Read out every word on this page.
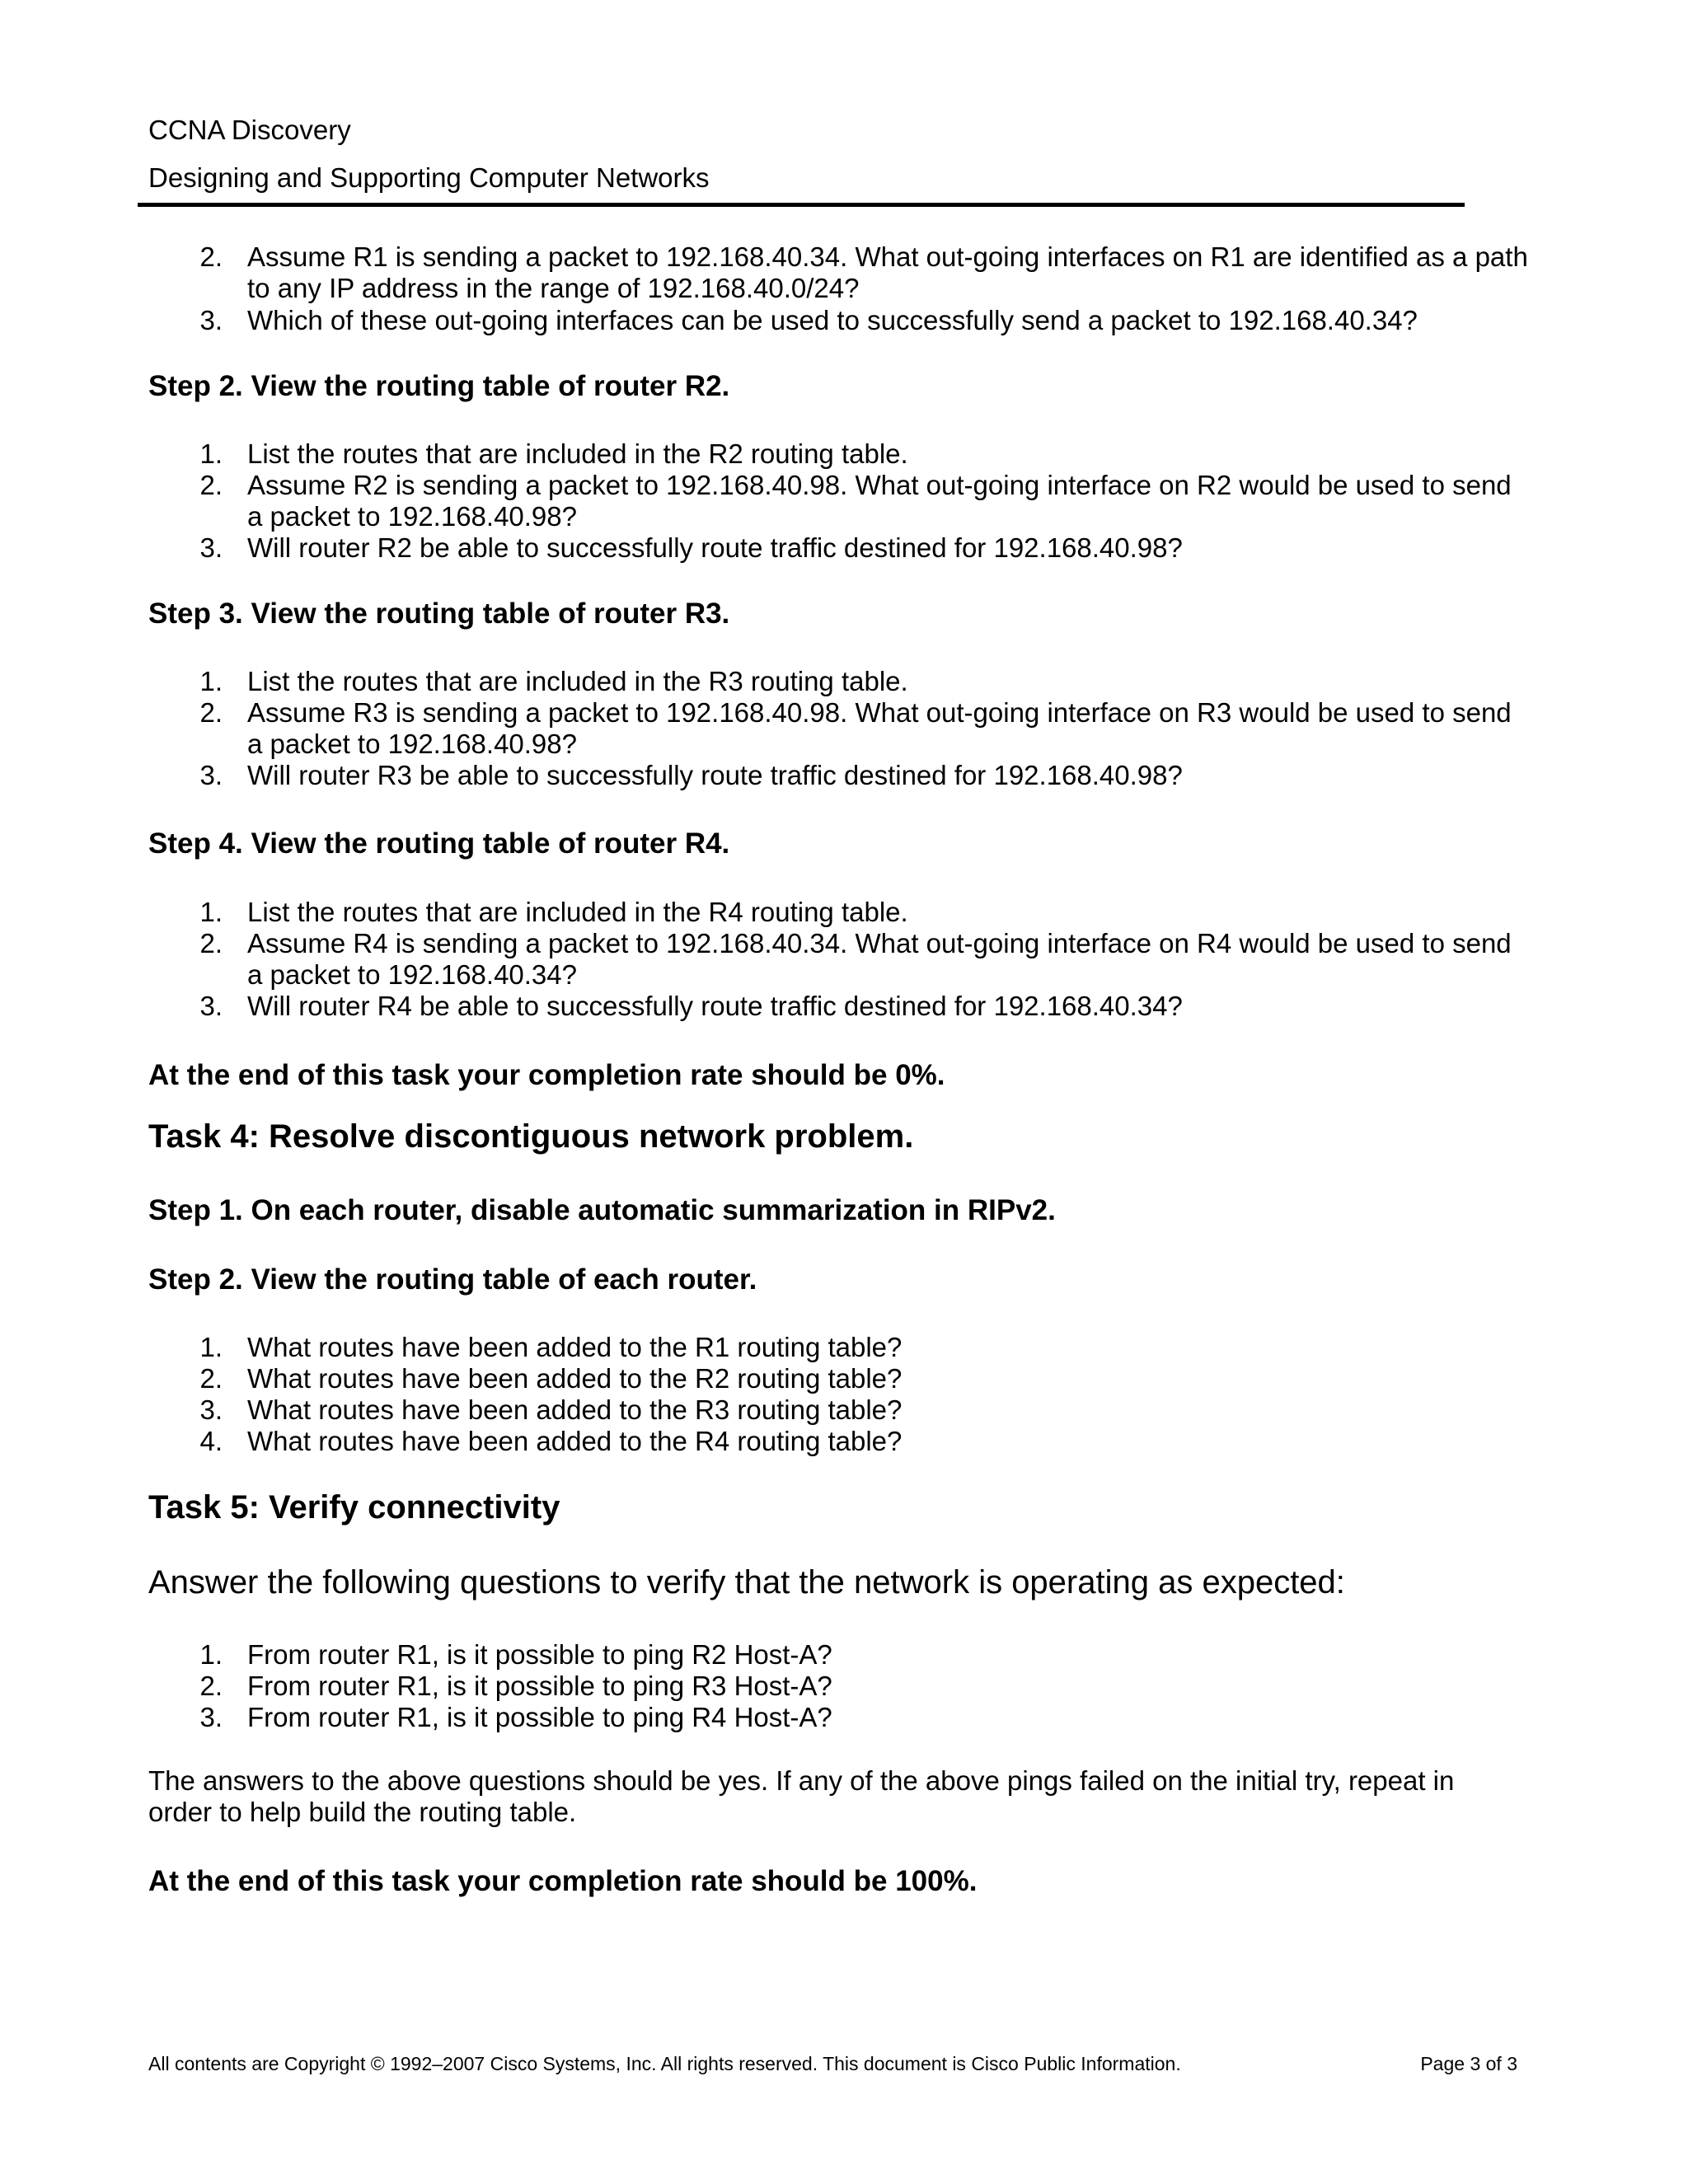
CCNA Discovery
Designing and Supporting Computer Networks
2. Assume R1 is sending a packet to 192.168.40.34. What out-going interfaces on R1 are identified as a path to any IP address in the range of 192.168.40.0/24?
3. Which of these out-going interfaces can be used to successfully send a packet to 192.168.40.34?
Step 2. View the routing table of router R2.
1. List the routes that are included in the R2 routing table.
2. Assume R2 is sending a packet to 192.168.40.98. What out-going interface on R2 would be used to send a packet to 192.168.40.98?
3. Will router R2 be able to successfully route traffic destined for 192.168.40.98?
Step 3. View the routing table of router R3.
1. List the routes that are included in the R3 routing table.
2. Assume R3 is sending a packet to 192.168.40.98. What out-going interface on R3 would be used to send a packet to 192.168.40.98?
3. Will router R3 be able to successfully route traffic destined for 192.168.40.98?
Step 4. View the routing table of router R4.
1. List the routes that are included in the R4 routing table.
2. Assume R4 is sending a packet to 192.168.40.34. What out-going interface on R4 would be used to send a packet to 192.168.40.34?
3. Will router R4 be able to successfully route traffic destined for 192.168.40.34?
At the end of this task your completion rate should be 0%.
Task 4: Resolve discontiguous network problem.
Step 1. On each router, disable automatic summarization in RIPv2.
Step 2. View the routing table of each router.
1. What routes have been added to the R1 routing table?
2. What routes have been added to the R2 routing table?
3. What routes have been added to the R3 routing table?
4. What routes have been added to the R4 routing table?
Task 5: Verify connectivity
Answer the following questions to verify that the network is operating as expected:
1. From router R1, is it possible to ping R2 Host-A?
2. From router R1, is it possible to ping R3 Host-A?
3. From router R1, is it possible to ping R4 Host-A?
The answers to the above questions should be yes. If any of the above pings failed on the initial try, repeat in order to help build the routing table.
At the end of this task your completion rate should be 100%.
All contents are Copyright © 1992–2007 Cisco Systems, Inc. All rights reserved. This document is Cisco Public Information.	Page 3 of 3
